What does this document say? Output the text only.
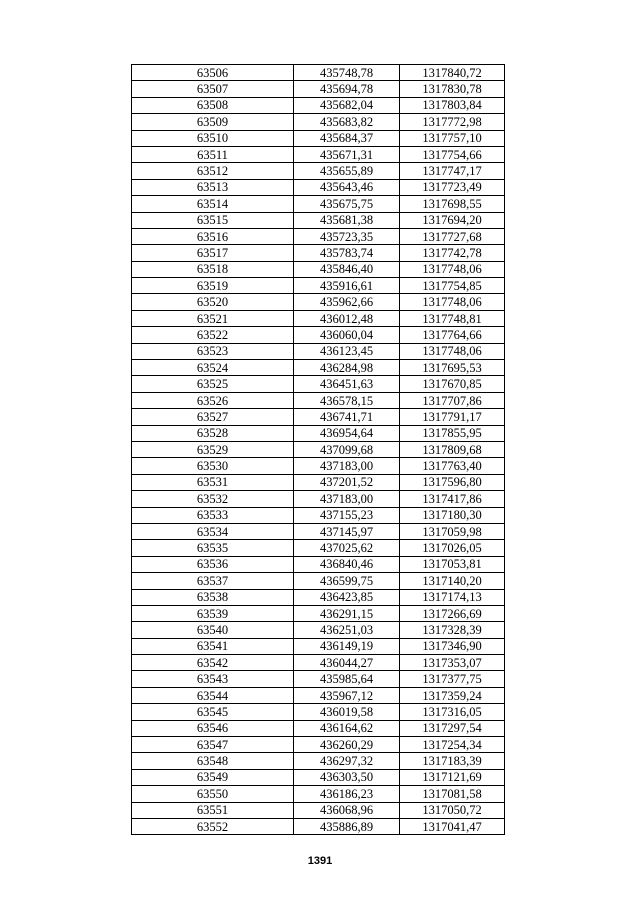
63506	435748,78	1317840,72
63507	435694,78	1317830,78
63508	435682,04	1317803,84
63509	435683,82	1317772,98
63510	435684,37	1317757,10
63511	435671,31	1317754,66
63512	435655,89	1317747,17
63513	435643,46	1317723,49
63514	435675,75	1317698,55
63515	435681,38	1317694,20
63516	435723,35	1317727,68
63517	435783,74	1317742,78
63518	435846,40	1317748,06
63519	435916,61	1317754,85
63520	435962,66	1317748,06
63521	436012,48	1317748,81
63522	436060,04	1317764,66
63523	436123,45	1317748,06
63524	436284,98	1317695,53
63525	436451,63	1317670,85
63526	436578,15	1317707,86
63527	436741,71	1317791,17
63528	436954,64	1317855,95
63529	437099,68	1317809,68
63530	437183,00	1317763,40
63531	437201,52	1317596,80
63532	437183,00	1317417,86
63533	437155,23	1317180,30
63534	437145,97	1317059,98
63535	437025,62	1317026,05
63536	436840,46	1317053,81
63537	436599,75	1317140,20
63538	436423,85	1317174,13
63539	436291,15	1317266,69
63540	436251,03	1317328,39
63541	436149,19	1317346,90
63542	436044,27	1317353,07
63543	435985,64	1317377,75
63544	435967,12	1317359,24
63545	436019,58	1317316,05
63546	436164,62	1317297,54
63547	436260,29	1317254,34
63548	436297,32	1317183,39
63549	436303,50	1317121,69
63550	436186,23	1317081,58
63551	436068,96	1317050,72
63552	435886,89	1317041,47
1391
